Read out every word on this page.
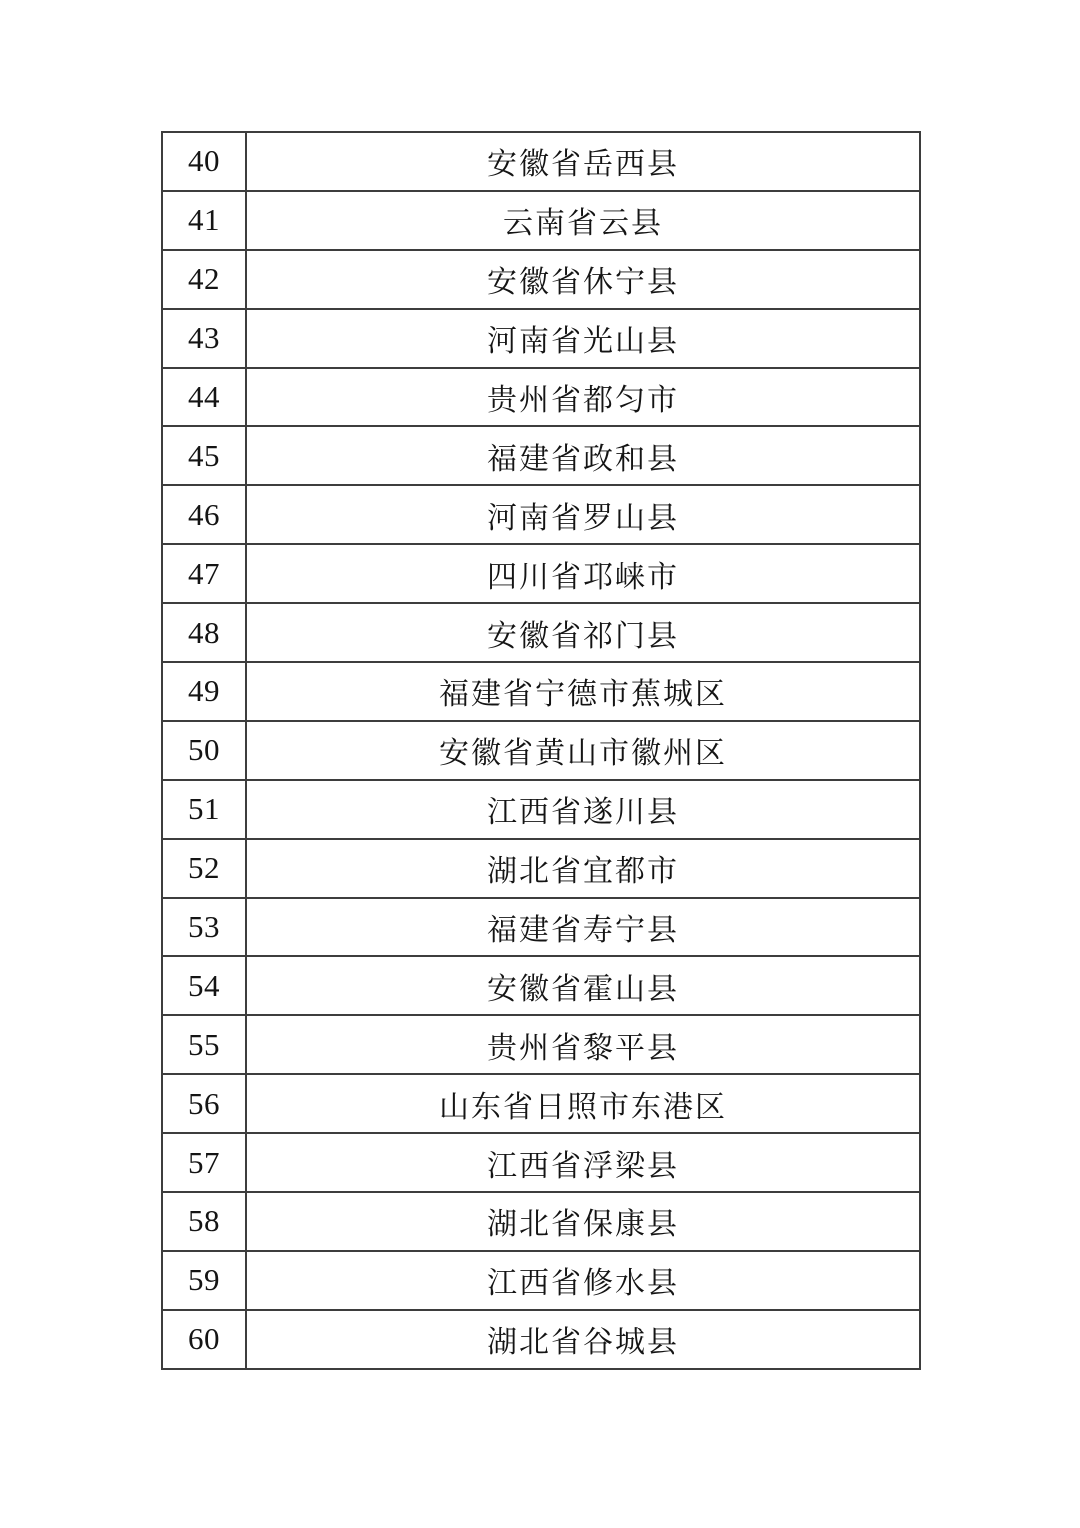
40	安徽省岳西县
41	云南省云县
42	安徽省休宁县
43	河南省光山县
44	贵州省都匀市
45	福建省政和县
46	河南省罗山县
47	四川省邛崃市
48	安徽省祁门县
49	福建省宁德市蕉城区
50	安徽省黄山市徽州区
51	江西省遂川县
52	湖北省宜都市
53	福建省寿宁县
54	安徽省霍山县
55	贵州省黎平县
56	山东省日照市东港区
57	江西省浮梁县
58	湖北省保康县
59	江西省修水县
60	湖北省谷城县
